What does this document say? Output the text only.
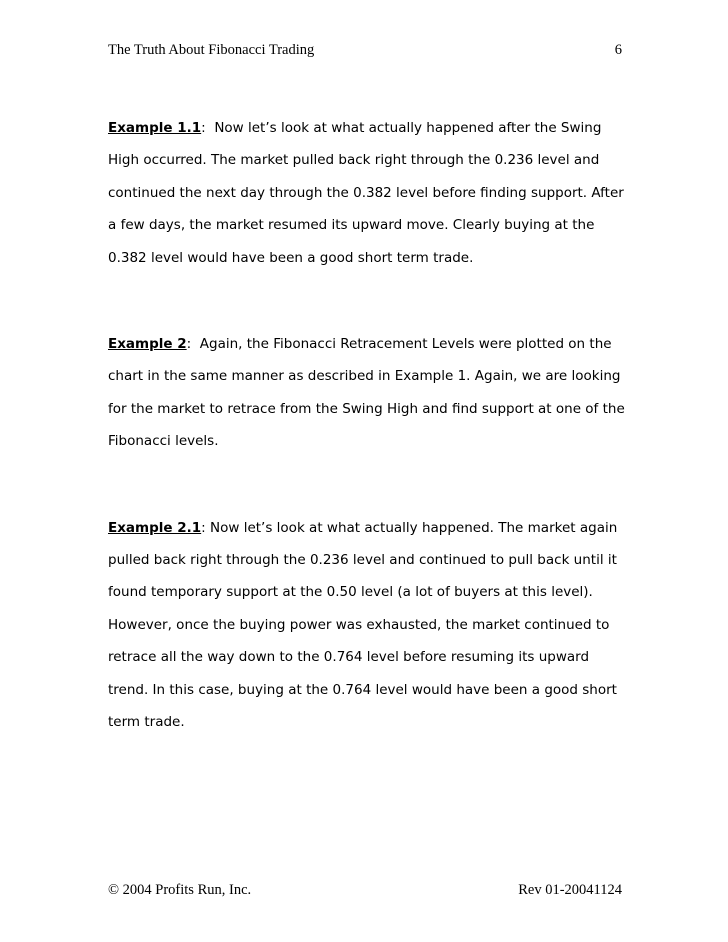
The Truth About Fibonacci Trading	6

Example 1.1:  Now let’s look at what actually happened after the Swing High occurred. The market pulled back right through the 0.236 level and continued the next day through the 0.382 level before finding support. After a few days, the market resumed its upward move. Clearly buying at the 0.382 level would have been a good short term trade.

Example 2:  Again, the Fibonacci Retracement Levels were plotted on the chart in the same manner as described in Example 1. Again, we are looking for the market to retrace from the Swing High and find support at one of the Fibonacci levels.

Example 2.1: Now let’s look at what actually happened. The market again pulled back right through the 0.236 level and continued to pull back until it found temporary support at the 0.50 level (a lot of buyers at this level). However, once the buying power was exhausted, the market continued to retrace all the way down to the 0.764 level before resuming its upward trend. In this case, buying at the 0.764 level would have been a good short term trade.

© 2004 Profits Run, Inc.	Rev 01-20041124
